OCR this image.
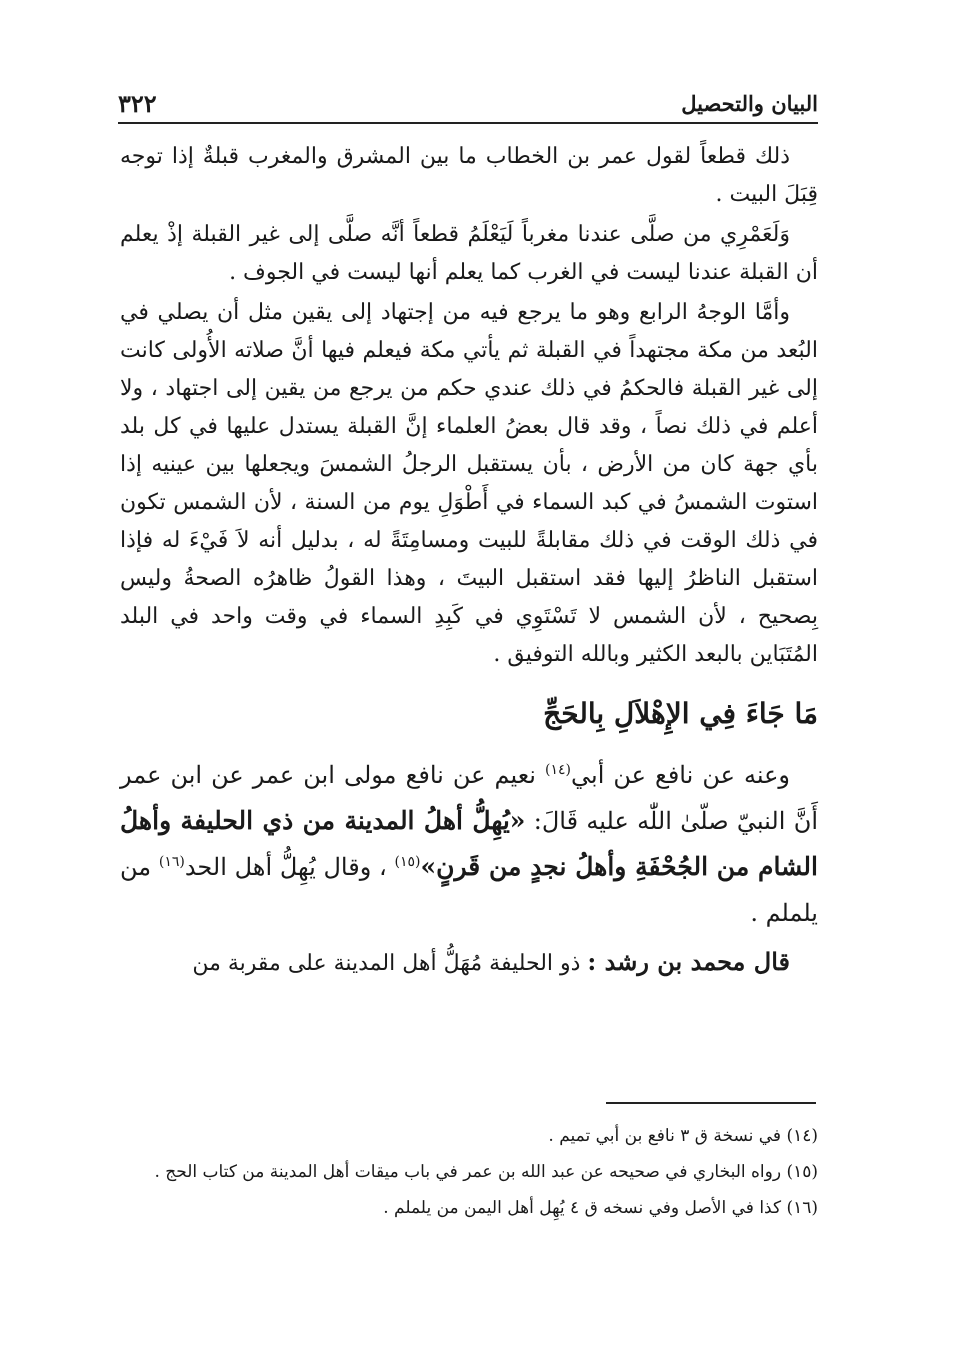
٣٢٢	البيان والتحصيل

ذلك قطعاً لقول عمر بن الخطاب ما بين المشرق والمغرب قبلةٌ إذا توجه قِبَلَ البيت .

وَلَعَمْرِي من صلَّى عندنا مغرباً لَيَعْلَمُ قطعاً أنَّه صلَّى إلى غير القبلة إذْ يعلم أن القبلة عندنا ليست في الغرب كما يعلم أنها ليست في الجوف .

وأمَّا الوجهُ الرابع وهو ما يرجع فيه من إجتهاد إلى يقين مثل أن يصلي في البُعد من مكة مجتهداً في القبلة ثم يأتي مكة فيعلم فيها أنَّ صلاته الأُولى كانت إلى غير القبلة فالحكمُ في ذلك عندي حكم من يرجع من يقين إلى اجتهاد ، ولا أعلم في ذلك نصاً ، وقد قال بعضُ العلماء إنَّ القبلة يستدل عليها في كل بلد بأي جهة كان من الأرض ، بأن يستقبل الرجلُ الشمسَ ويجعلها بين عينيه إذا استوت الشمسُ في كبد السماء في أَطْوَلِ يوم من السنة ، لأن الشمس تكون في ذلك الوقت في ذلك مقابلةً للبيت ومسامِتَةً له ، بدليل أنه لاَ فَيْءَ له فإذا استقبل الناظرُ إليها فقد استقبل البيتَ ، وهذا القولُ ظاهرُه الصحةُ وليس بِصحيح ، لأن الشمس لا تَسْتَوِي في كَبِدِ السماء في وقت واحد في البلد المُتَبَاين بالبعد الكثير وبالله التوفيق .

مَا جَاءَ فِي الإِهْلاَلِ بِالحَجِّ

وعنه عن نافع عن أبي$^{(١٤)}$ نعيم عن نافع مولى ابن عمر عن ابن عمر أَنَّ النبيّ صلّىٰ اللّٰه عليه قَالَ: «يُهِلُّ أهلُ المدينة من ذي الحليفة وأهلُ الشام من الجُحْفَةِ وأهلُ نجدٍ من قَرنٍ»$^{(١٥)}$ ، وقال يُهِلُّ أهل الحد$^{(١٦)}$ من يلملم .

قال محمد بن رشد : ذو الحليفة مُهَلُّ أهل المدينة على مقربة من

(١٤) في نسخة ق ٣ نافع بن أبي تميم .

(١٥) رواه البخاري في صحيحه عن عبد الله بن عمر في باب ميقات أهل المدينة من كتاب الحج .

(١٦) كذا في الأصل وفي نسخه ق ٤ يُهِل أهل اليمن من يلملم .
